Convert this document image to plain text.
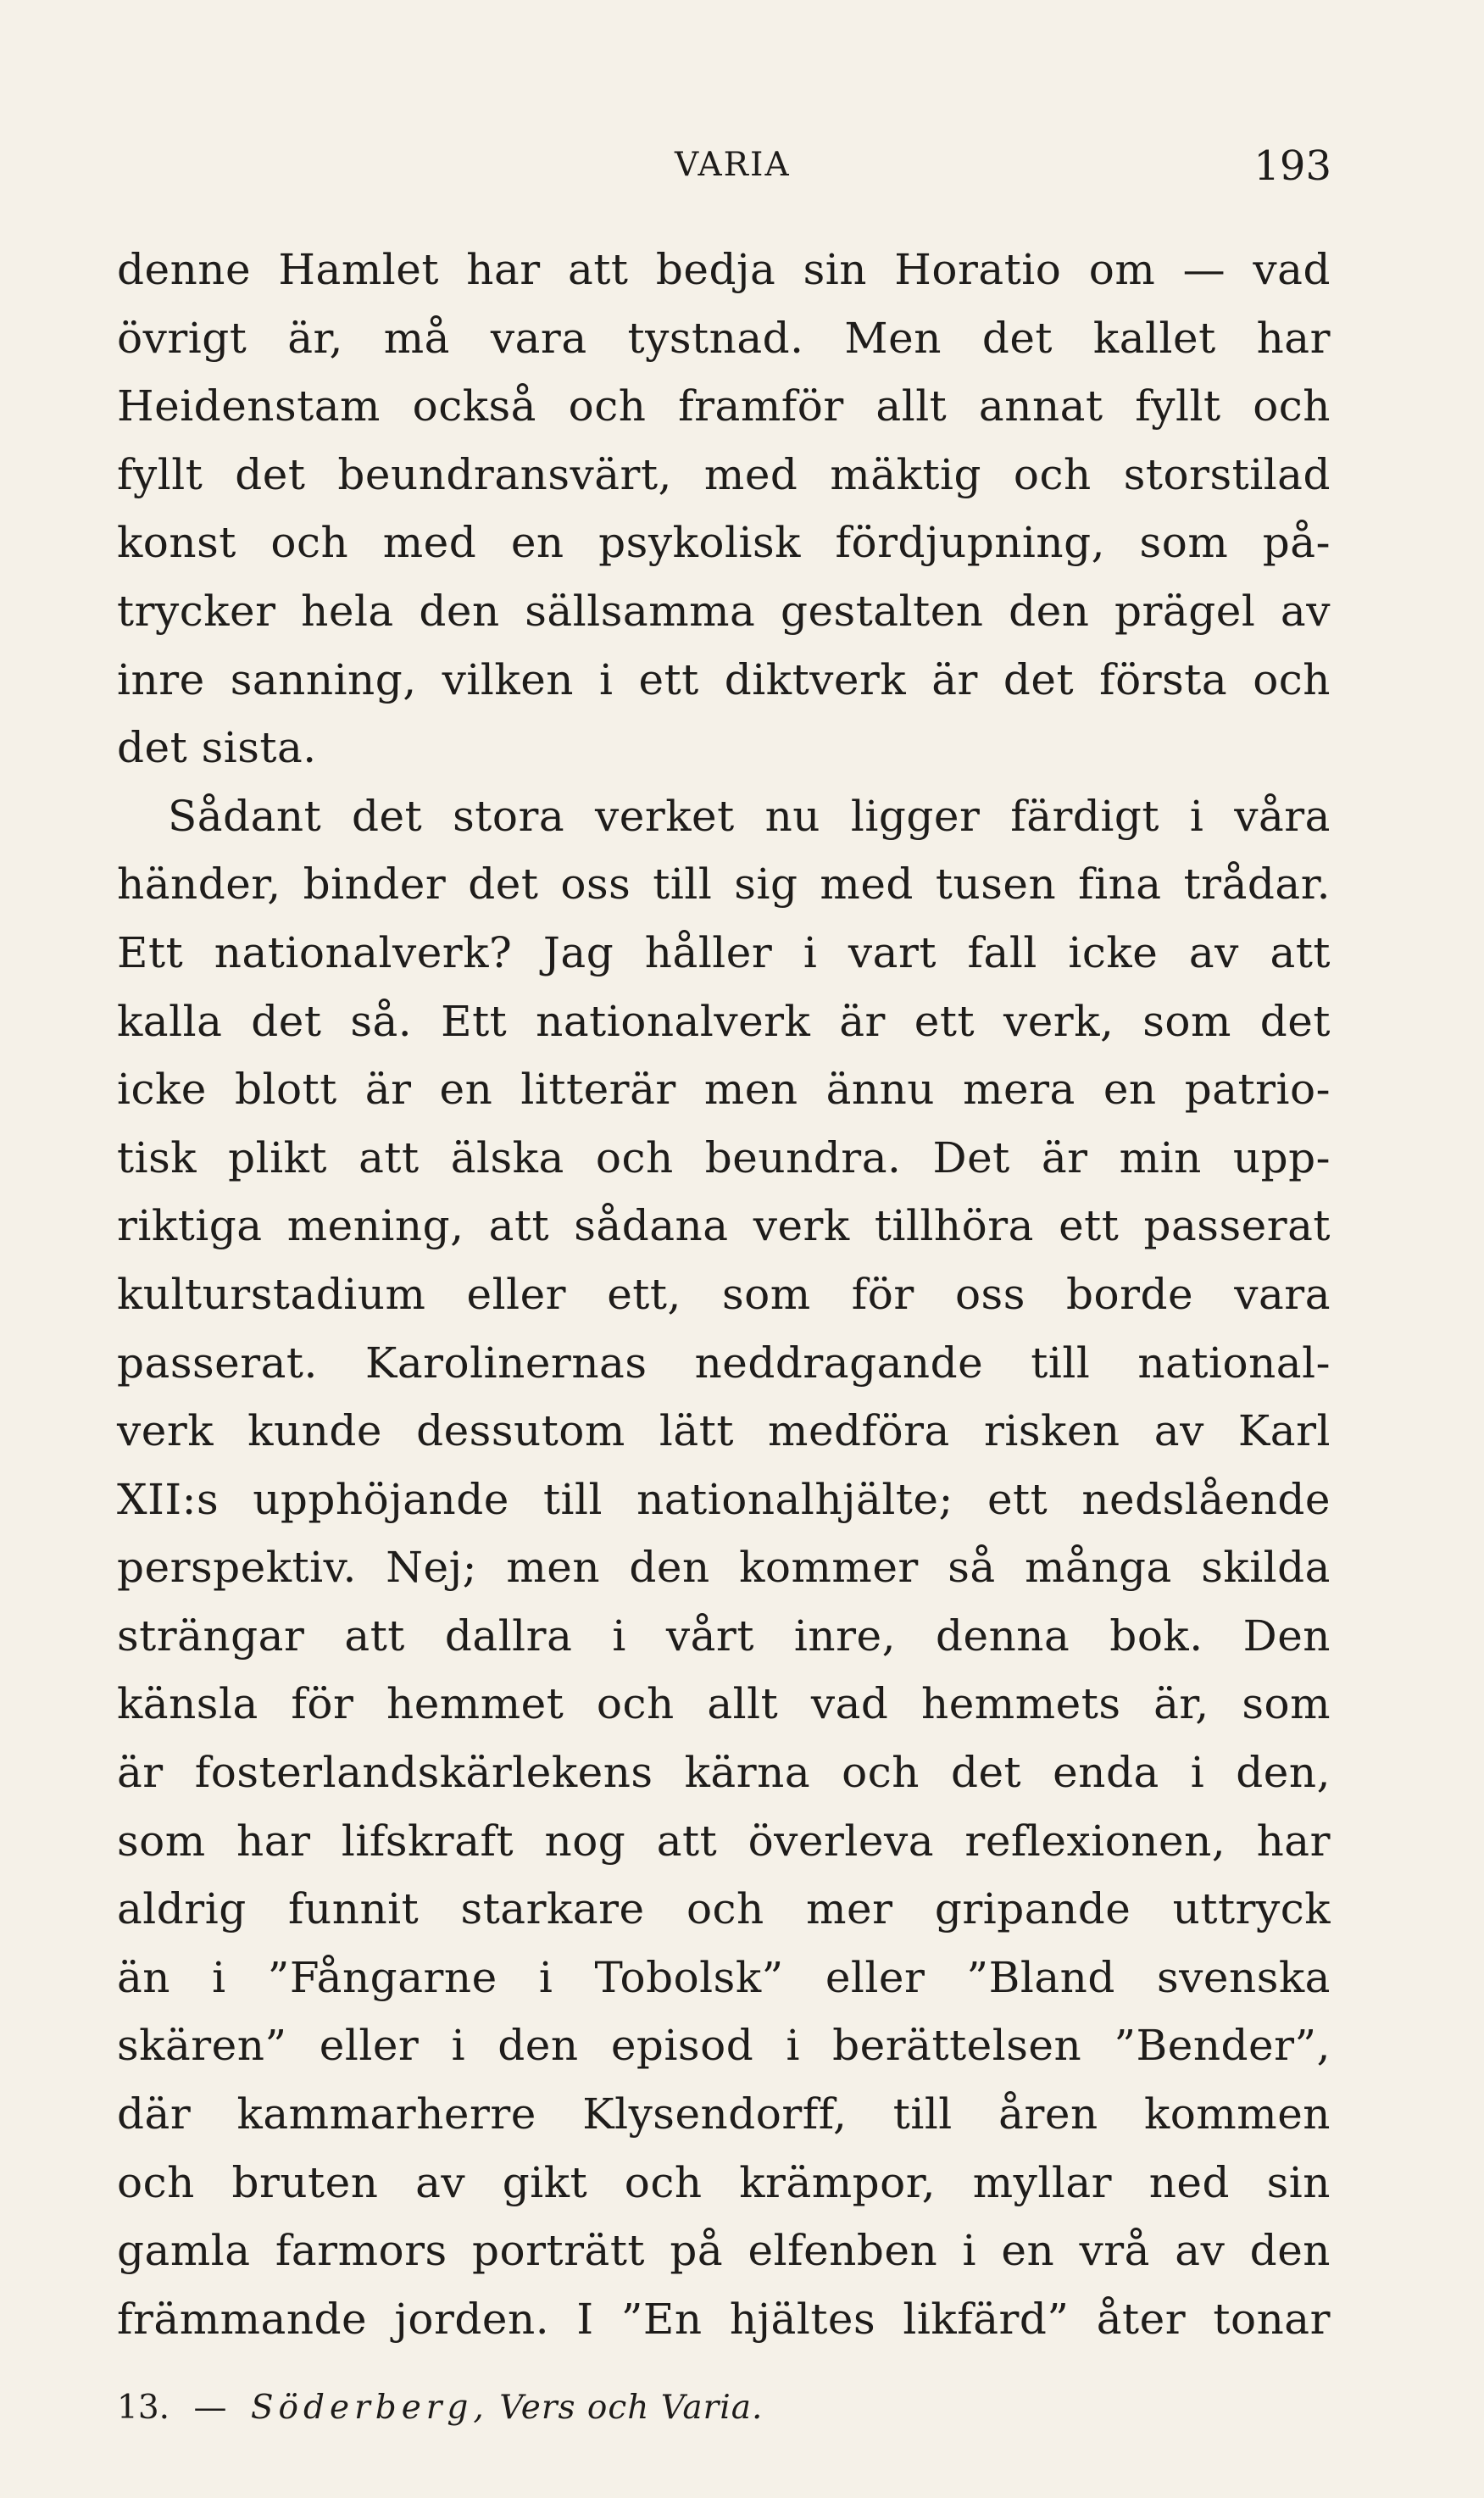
VARIA	193
denne Hamlet har att bedja sin Horatio om — vad
övrigt är, må vara tystnad. Men det kallet har
Heidenstam också och framför allt annat fyllt och
fyllt det beundransvärt, med mäktig och storstilad
konst och med en psykolisk fördjupning, som på-
trycker hela den sällsamma gestalten den prägel av
inre sanning, vilken i ett diktverk är det första och
det sista.
Sådant det stora verket nu ligger färdigt i våra
händer, binder det oss till sig med tusen fina trådar.
Ett nationalverk? Jag håller i vart fall icke av att
kalla det så. Ett nationalverk är ett verk, som det
icke blott är en litterär men ännu mera en patrio-
tisk plikt att älska och beundra. Det är min upp-
riktiga mening, att sådana verk tillhöra ett passerat
kulturstadium eller ett, som för oss borde vara
passerat. Karolinernas neddragande till national-
verk kunde dessutom lätt medföra risken av Karl
XII:s upphöjande till nationalhjälte; ett nedslående
perspektiv. Nej; men den kommer så många skilda
strängar att dallra i vårt inre, denna bok. Den
känsla för hemmet och allt vad hemmets är, som
är fosterlandskärlekens kärna och det enda i den,
som har lifskraft nog att överleva reflexionen, har
aldrig funnit starkare och mer gripande uttryck
än i ”Fångarne i Tobolsk” eller ”Bland svenska
skären” eller i den episod i berättelsen ”Bender”,
där kammarherre Klysendorff, till åren kommen
och bruten av gikt och krämpor, myllar ned sin
gamla farmors porträtt på elfenben i en vrå av den
främmande jorden. I ”En hjältes likfärd” åter tonar
13. — Söderberg, Vers och Varia.
